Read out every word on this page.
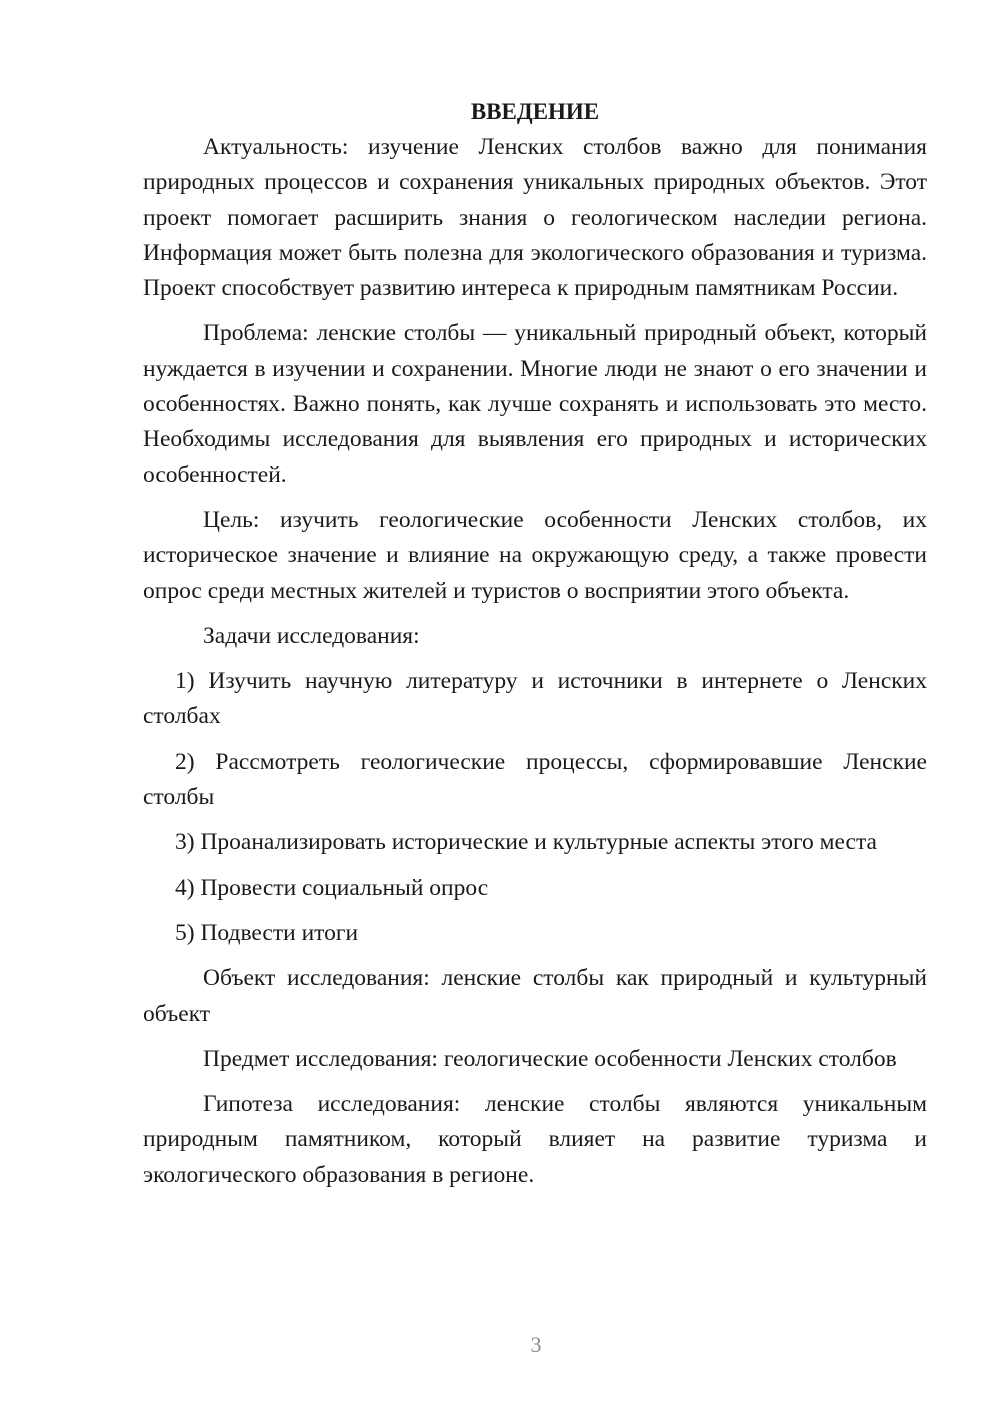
ВВЕДЕНИЕ

Актуальность: изучение Ленских столбов важно для понимания природных процессов и сохранения уникальных природных объектов. Этот проект помогает расширить знания о геологическом наследии региона. Информация может быть полезна для экологического образования и туризма. Проект способствует развитию интереса к природным памятникам России.

Проблема: ленские столбы — уникальный природный объект, который нуждается в изучении и сохранении. Многие люди не знают о его значении и особенностях. Важно понять, как лучше сохранять и использовать это место. Необходимы исследования для выявления его природных и исторических особенностей.

Цель: изучить геологические особенности Ленских столбов, их историческое значение и влияние на окружающую среду, а также провести опрос среди местных жителей и туристов о восприятии этого объекта.

Задачи исследования:

1) Изучить научную литературу и источники в интернете о Ленских столбах

2) Рассмотреть геологические процессы, сформировавшие Ленские столбы

3) Проанализировать исторические и культурные аспекты этого места

4) Провести социальный опрос

5) Подвести итоги

Объект исследования: ленские столбы как природный и культурный объект

Предмет исследования: геологические особенности Ленских столбов

Гипотеза исследования: ленские столбы являются уникальным природным памятником, который влияет на развитие туризма и экологического образования в регионе.

3
